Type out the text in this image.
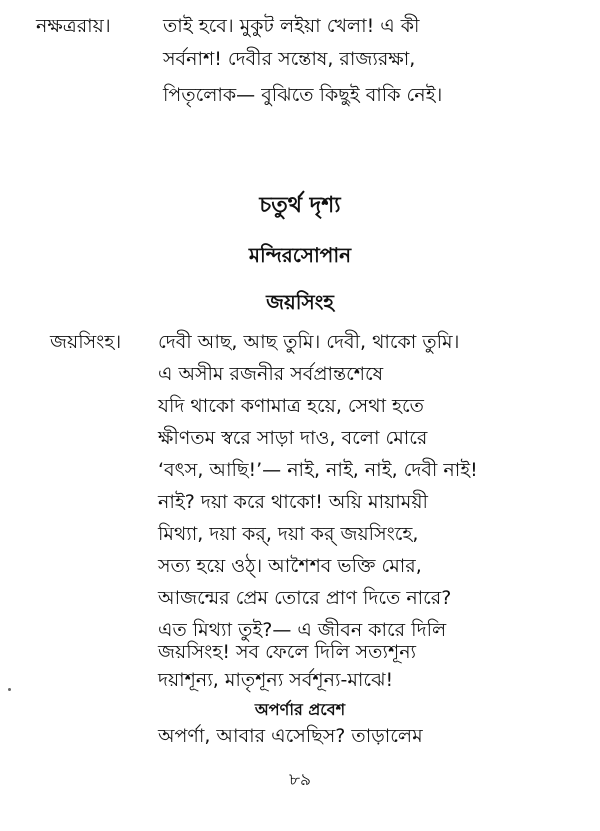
নক্ষত্ররায়।	তাই হবে। মুকুট লইয়া খেলা! এ কী
সর্বনাশ! দেবীর সন্তোষ, রাজ্যরক্ষা,
পিতৃলোক— বুঝিতে কিছুই বাকি নেই।
চতুর্থ দৃশ্য
মন্দিরসোপান
জয়সিংহ
জয়সিংহ। দেবী আছ, আছ তুমি। দেবী, থাকো তুমি।
এ অসীম রজনীর সর্বপ্রান্তশেষে
যদি থাকো কণামাত্র হয়ে, সেথা হতে
ক্ষীণতম স্বরে সাড়া দাও, বলো মোরে
‘বৎস, আছি!’— নাই, নাই, নাই, দেবী নাই!
নাই? দয়া করে থাকো! অয়ি মায়াময়ী
মিথ্যা, দয়া কর্, দয়া কর্ জয়সিংহে,
সত্য হয়ে ওঠ্। আশৈশব ভক্তি মোর,
আজন্মের প্রেম তোরে প্রাণ দিতে নারে?
এত মিথ্যা তুই?— এ জীবন কারে দিলি
জয়সিংহ! সব ফেলে দিলি সত্যশূন্য
দয়াশূন্য, মাতৃশূন্য সর্বশূন্য-মাঝে!
অপর্ণার প্রবেশ
অপর্ণা, আবার এসেছিস? তাড়ালেম
৮৯
